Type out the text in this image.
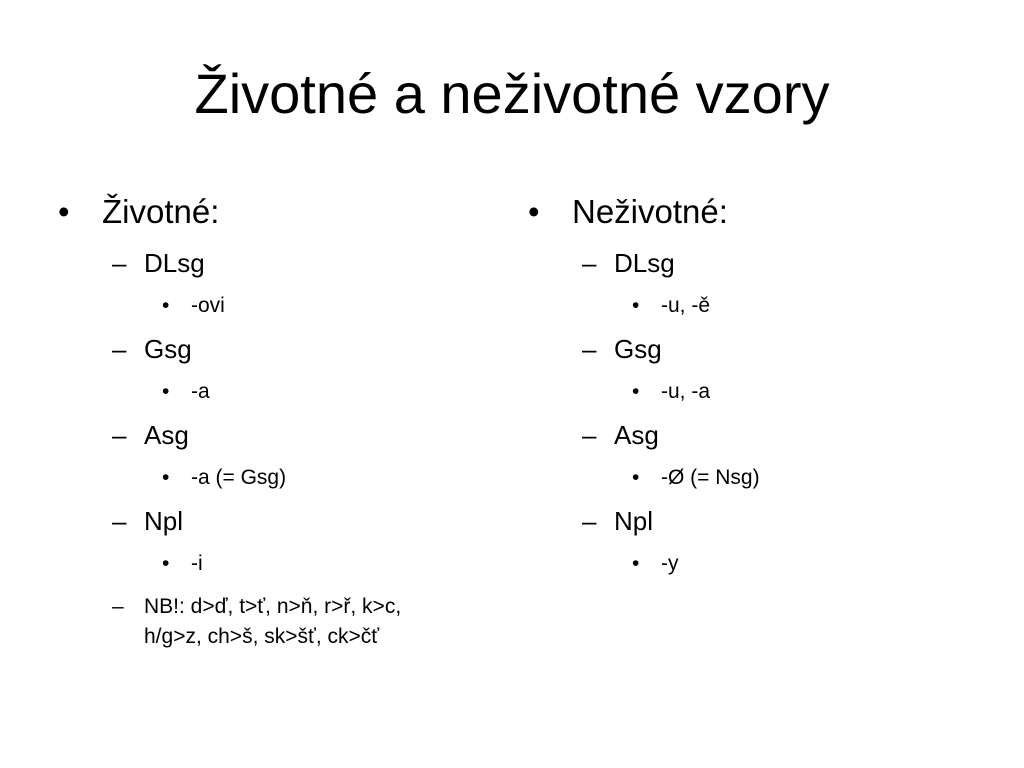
Životné a neživotné vzory
• Životné:
– DLsg
• -ovi
– Gsg
• -a
– Asg
• -a (= Gsg)
– Npl
• -i
– NB!: d>ď, t>ť, n>ň, r>ř, k>c,
h/g>z, ch>š, sk>šť, ck>čť
• Neživotné:
– DLsg
• -u, -ě
– Gsg
• -u, -a
– Asg
• -Ø (= Nsg)
– Npl
• -y
